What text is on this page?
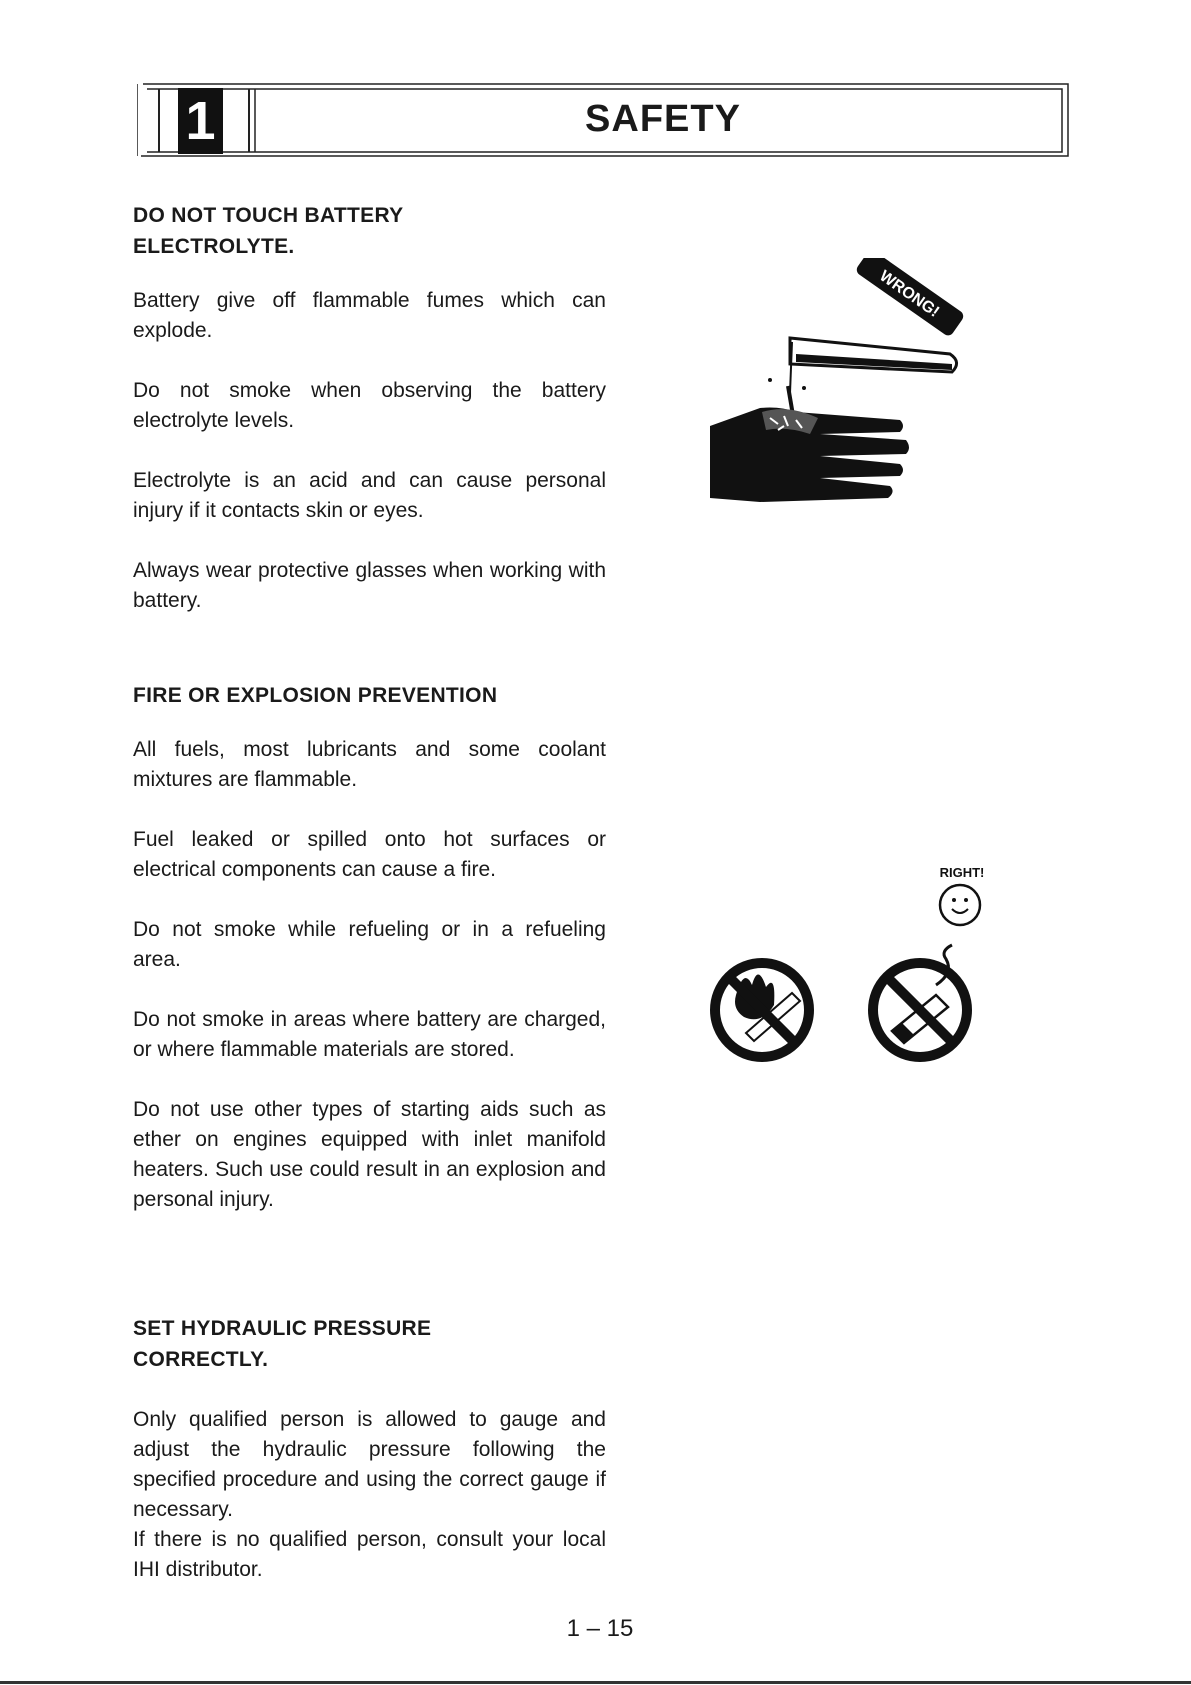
1	SAFETY
DO NOT TOUCH BATTERY ELECTROLYTE.

Battery give off flammable fumes which can explode.

Do not smoke when observing the battery electrolyte levels.

Electrolyte is an acid and can cause personal injury if it contacts skin or eyes.

Always wear protective glasses when working with battery.

FIRE OR EXPLOSION PREVENTION

All fuels, most lubricants and some coolant mixtures are flammable.

Fuel leaked or spilled onto hot surfaces or electrical components can cause a fire.

Do not smoke while refueling or in a refueling area.

Do not smoke in areas where battery are charged, or where flammable materials are stored.

Do not use other types of starting aids such as ether on engines equipped with inlet manifold heaters. Such use could result in an explosion and personal injury.

SET HYDRAULIC PRESSURE CORRECTLY.

Only qualified person is allowed to gauge and adjust the hydraulic pressure following the specified procedure and using the correct gauge if necessary.

If there is no qualified person, consult your local IHI distributor.

WRONG!
RIGHT!
1 – 15
